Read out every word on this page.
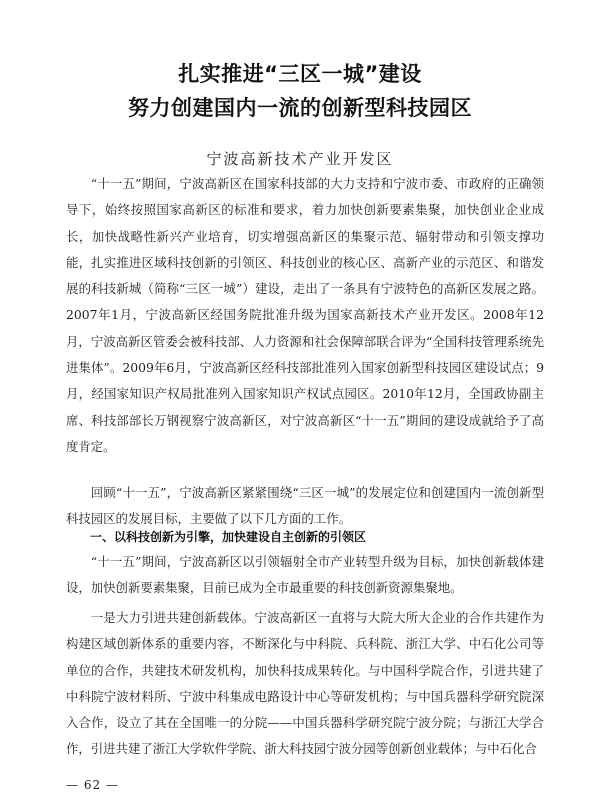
扎实推进“三区一城”建设
努力创建国内一流的创新型科技园区
宁波高新技术产业开发区

“十一五”期间，宁波高新区在国家科技部的大力支持和宁波市委、市政府的正确领导下，始终按照国家高新区的标准和要求，着力加快创新要素集聚，加快创业企业成长，加快战略性新兴产业培育，切实增强高新区的集聚示范、辐射带动和引领支撑功能，扎实推进区域科技创新的引领区、科技创业的核心区、高新产业的示范区、和谐发展的科技新城（简称“三区一城”）建设，走出了一条具有宁波特色的高新区发展之路。2007年1月，宁波高新区经国务院批准升级为国家高新技术产业开发区。2008年12月，宁波高新区管委会被科技部、人力资源和社会保障部联合评为“全国科技管理系统先进集体”。2009年6月，宁波高新区经科技部批准列入国家创新型科技园区建设试点；9月，经国家知识产权局批准列入国家知识产权试点园区。2010年12月，全国政协副主席、科技部部长万钢视察宁波高新区，对宁波高新区“十一五”期间的建设成就给予了高度肯定。

回顾“十一五”，宁波高新区紧紧围绕“三区一城”的发展定位和创建国内一流创新型科技园区的发展目标，主要做了以下几方面的工作。

一、以科技创新为引擎，加快建设自主创新的引领区

“十一五”期间，宁波高新区以引领辐射全市产业转型升级为目标，加快创新载体建设，加快创新要素集聚，目前已成为全市最重要的科技创新资源集聚地。

一是大力引进共建创新载体。宁波高新区一直将与大院大所大企业的合作共建作为构建区域创新体系的重要内容，不断深化与中科院、兵科院、浙江大学、中石化公司等单位的合作，共建技术研发机构，加快科技成果转化。与中国科学院合作，引进共建了中科院宁波材料所、宁波中科集成电路设计中心等研发机构；与中国兵器科学研究院深入合作，设立了其在全国唯一的分院——中国兵器科学研究院宁波分院；与浙江大学合作，引进共建了浙江大学软件学院、浙大科技园宁波分园等创新创业载体；与中石化合

— 62 —
